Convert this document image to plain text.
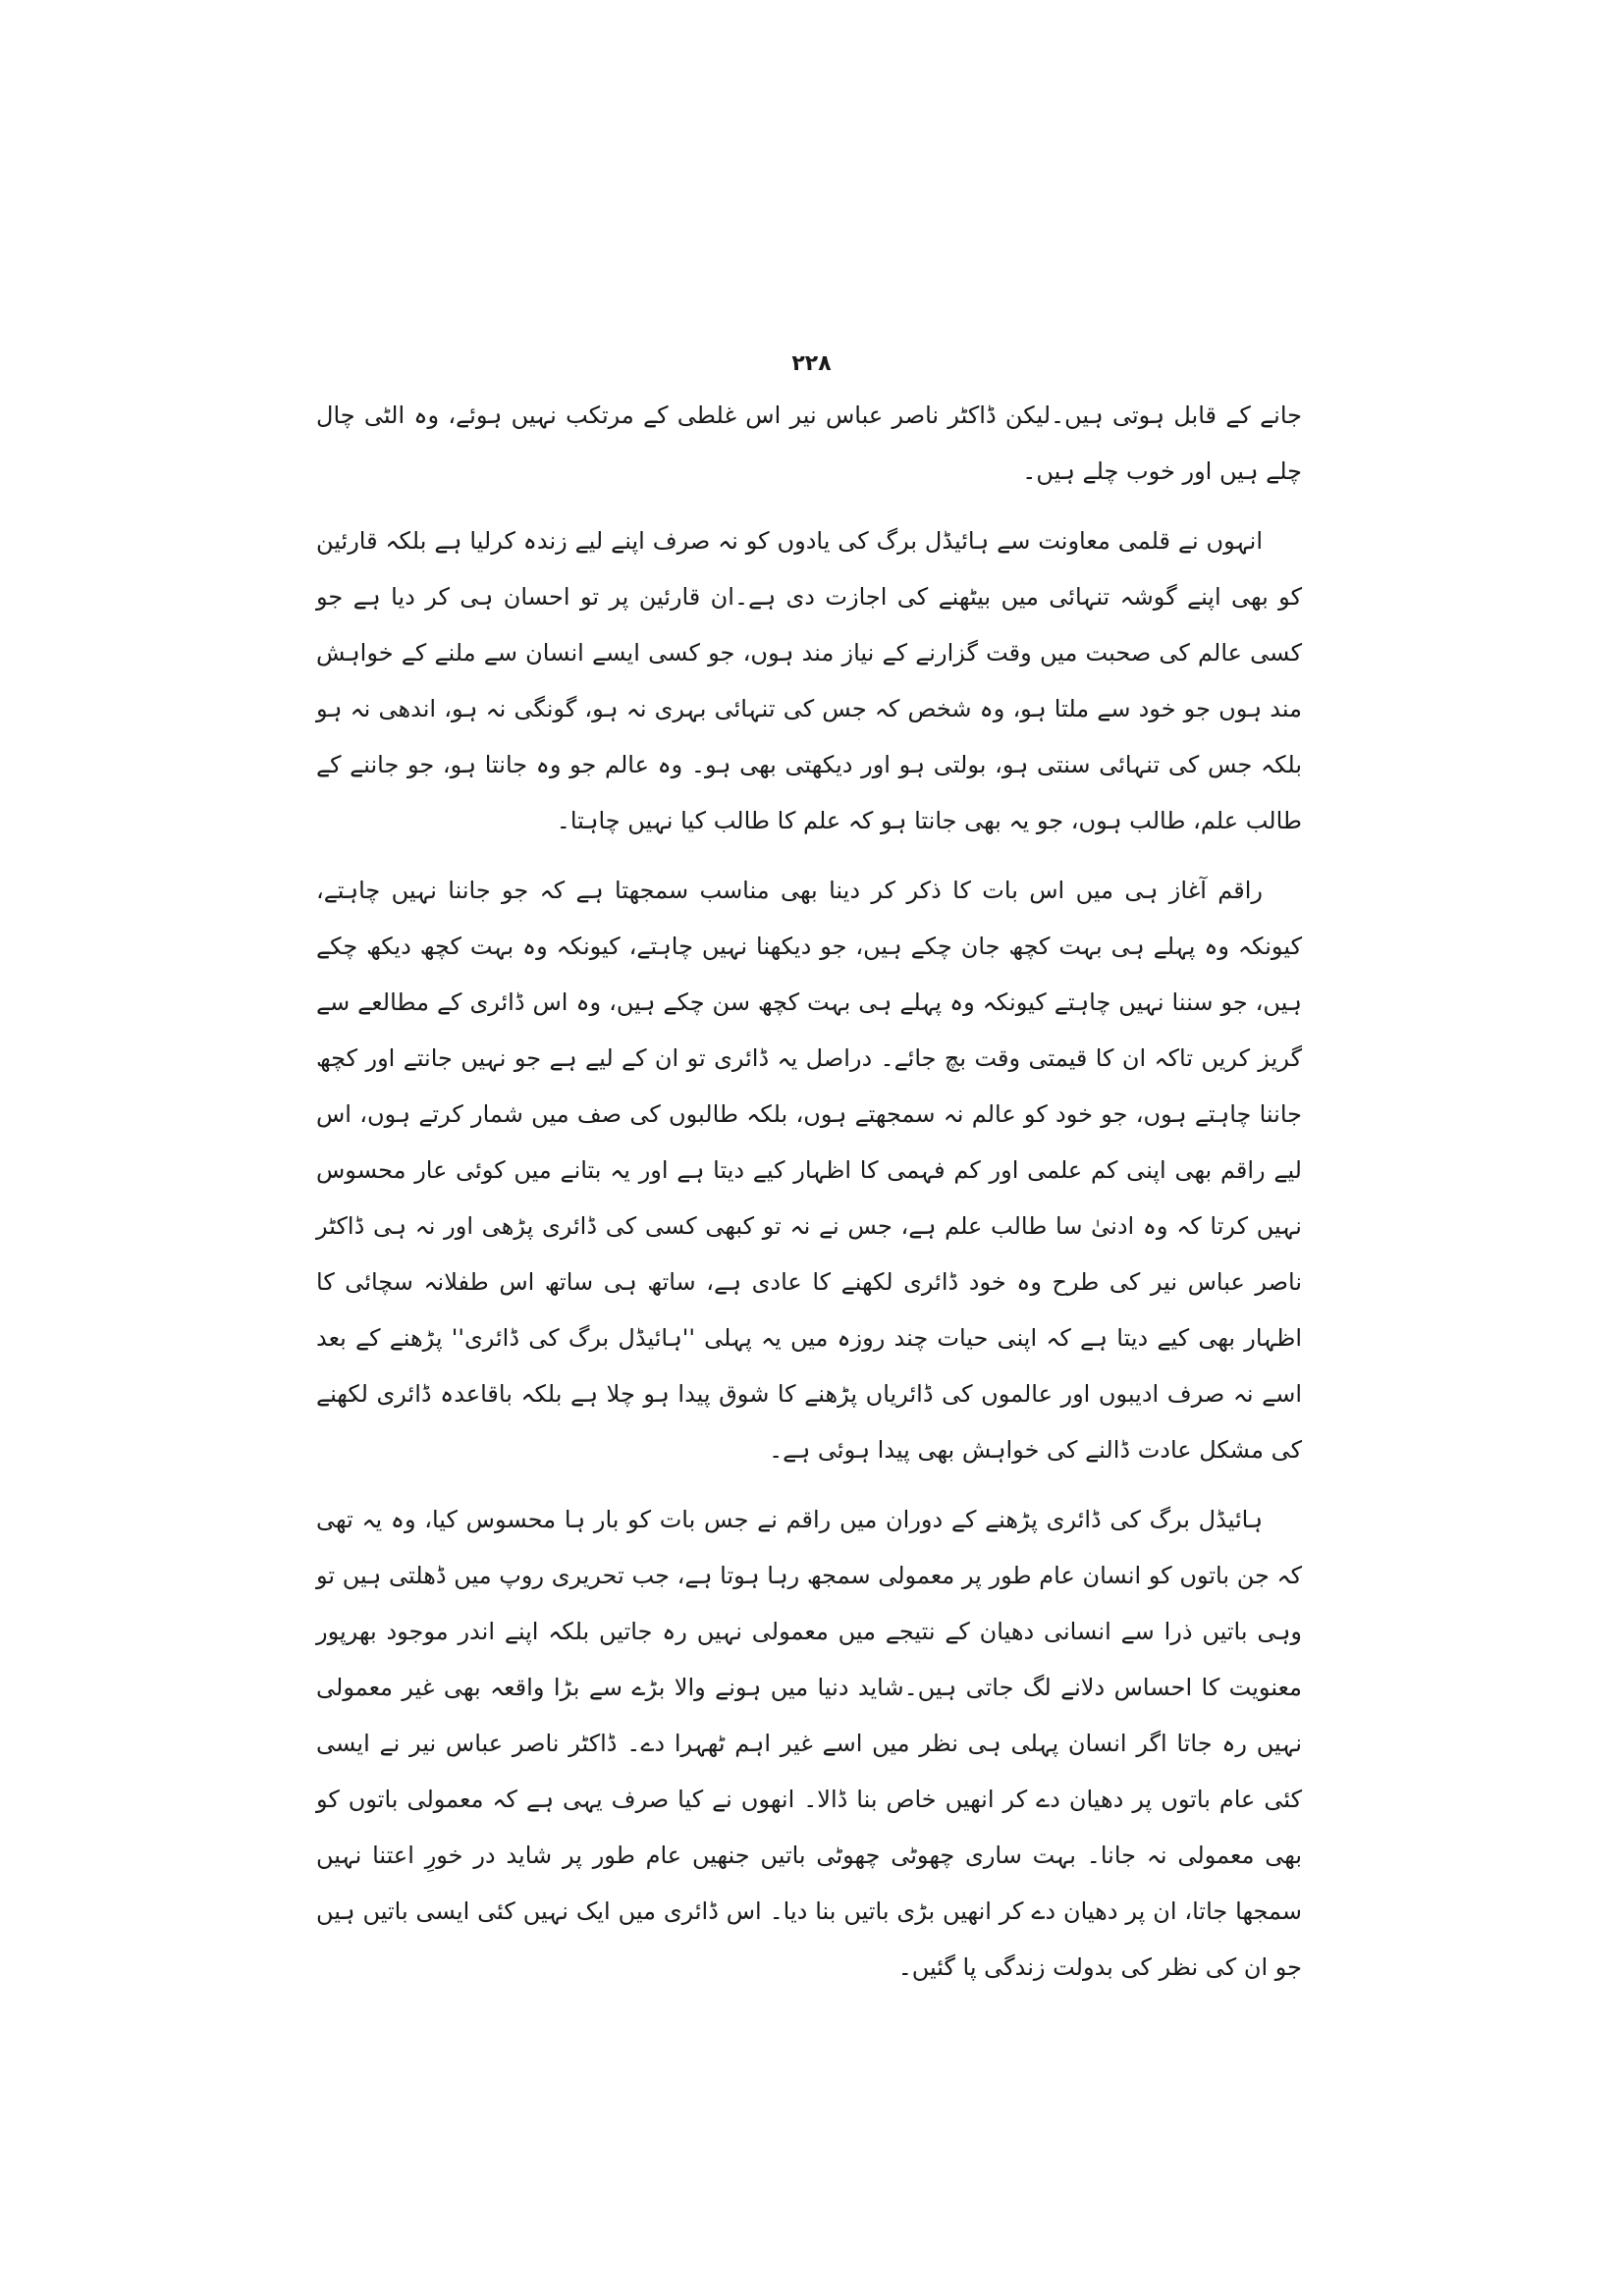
۲۲۸

جانے کے قابل ہوتی ہیں۔لیکن ڈاکٹر ناصر عباس نیر اس غلطی کے مرتکب نہیں ہوئے، وہ الٹی چال چلے ہیں اور خوب چلے ہیں۔

انہوں نے قلمی معاونت سے ہائیڈل برگ کی یادوں کو نہ صرف اپنے لیے زندہ کرلیا ہے بلکہ قارئین کو بھی اپنے گوشہ تنہائی میں بیٹھنے کی اجازت دی ہے۔ان قارئین پر تو احسان ہی کر دیا ہے جو کسی عالم کی صحبت میں وقت گزارنے کے نیاز مند ہوں، جو کسی ایسے انسان سے ملنے کے خواہش مند ہوں جو خود سے ملتا ہو، وہ شخص کہ جس کی تنہائی بہری نہ ہو، گونگی نہ ہو، اندھی نہ ہو بلکہ جس کی تنہائی سنتی ہو، بولتی ہو اور دیکھتی بھی ہو۔ وہ عالم جو وہ جانتا ہو، جو جاننے کے طالب علم، طالب ہوں، جو یہ بھی جانتا ہو کہ علم کا طالب کیا نہیں چاہتا۔

راقم آغاز ہی میں اس بات کا ذکر کر دینا بھی مناسب سمجھتا ہے کہ جو جاننا نہیں چاہتے، کیونکہ وہ پہلے ہی بہت کچھ جان چکے ہیں، جو دیکھنا نہیں چاہتے، کیونکہ وہ بہت کچھ دیکھ چکے ہیں، جو سننا نہیں چاہتے کیونکہ وہ پہلے ہی بہت کچھ سن چکے ہیں، وہ اس ڈائری کے مطالعے سے گریز کریں تاکہ ان کا قیمتی وقت بچ جائے۔ دراصل یہ ڈائری تو ان کے لیے ہے جو نہیں جانتے اور کچھ جاننا چاہتے ہوں، جو خود کو عالم نہ سمجھتے ہوں، بلکہ طالبوں کی صف میں شمار کرتے ہوں، اس لیے راقم بھی اپنی کم علمی اور کم فہمی کا اظہار کیے دیتا ہے اور یہ بتانے میں کوئی عار محسوس نہیں کرتا کہ وہ ادنیٰ سا طالب علم ہے، جس نے نہ تو کبھی کسی کی ڈائری پڑھی اور نہ ہی ڈاکٹر ناصر عباس نیر کی طرح وہ خود ڈائری لکھنے کا عادی ہے، ساتھ ہی ساتھ اس طفلانہ سچائی کا اظہار بھی کیے دیتا ہے کہ اپنی حیات چند روزہ میں یہ پہلی ''ہائیڈل برگ کی ڈائری'' پڑھنے کے بعد اسے نہ صرف ادیبوں اور عالموں کی ڈائریاں پڑھنے کا شوق پیدا ہو چلا ہے بلکہ باقاعدہ ڈائری لکھنے کی مشکل عادت ڈالنے کی خواہش بھی پیدا ہوئی ہے۔

ہائیڈل برگ کی ڈائری پڑھنے کے دوران میں راقم نے جس بات کو بار ہا محسوس کیا، وہ یہ تھی کہ جن باتوں کو انسان عام طور پر معمولی سمجھ رہا ہوتا ہے، جب تحریری روپ میں ڈھلتی ہیں تو وہی باتیں ذرا سے انسانی دھیان کے نتیجے میں معمولی نہیں رہ جاتیں بلکہ اپنے اندر موجود بھرپور معنویت کا احساس دلانے لگ جاتی ہیں۔شاید دنیا میں ہونے والا بڑے سے بڑا واقعہ بھی غیر معمولی نہیں رہ جاتا اگر انسان پہلی ہی نظر میں اسے غیر اہم ٹھہرا دے۔ ڈاکٹر ناصر عباس نیر نے ایسی کئی عام باتوں پر دھیان دے کر انھیں خاص بنا ڈالا۔ انھوں نے کیا صرف یہی ہے کہ معمولی باتوں کو بھی معمولی نہ جانا۔ بہت ساری چھوٹی چھوٹی باتیں جنھیں عام طور پر شاید در خورِ اعتنا نہیں سمجھا جاتا، ان پر دھیان دے کر انھیں بڑی باتیں بنا دیا۔ اس ڈائری میں ایک نہیں کئی ایسی باتیں ہیں جو ان کی نظر کی بدولت زندگی پا گئیں۔
